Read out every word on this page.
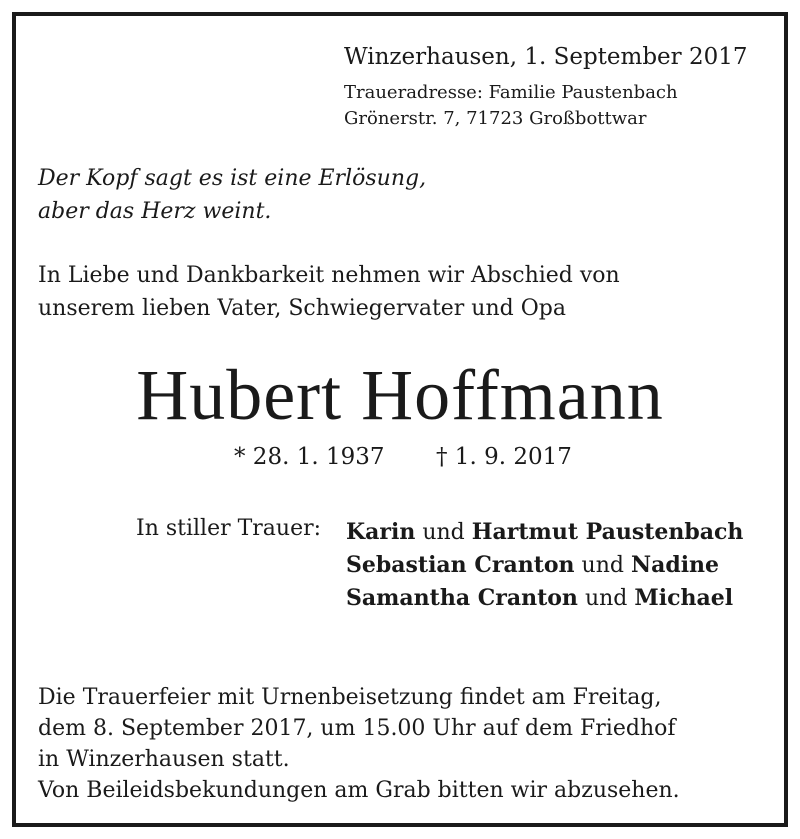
Winzerhausen, 1. September 2017
Traueradresse: Familie Paustenbach
Grönerstr. 7, 71723 Großbottwar
Der Kopf sagt es ist eine Erlösung,
aber das Herz weint.
In Liebe und Dankbarkeit nehmen wir Abschied von
unserem lieben Vater, Schwiegervater und Opa
Hubert Hoffmann
* 28. 1. 1937 † 1. 9. 2017
In stiller Trauer: Karin und Hartmut Paustenbach
Sebastian Cranton und Nadine
Samantha Cranton und Michael
Die Trauerfeier mit Urnenbeisetzung findet am Freitag,
dem 8. September 2017, um 15.00 Uhr auf dem Friedhof
in Winzerhausen statt.
Von Beileidsbekundungen am Grab bitten wir abzusehen.
